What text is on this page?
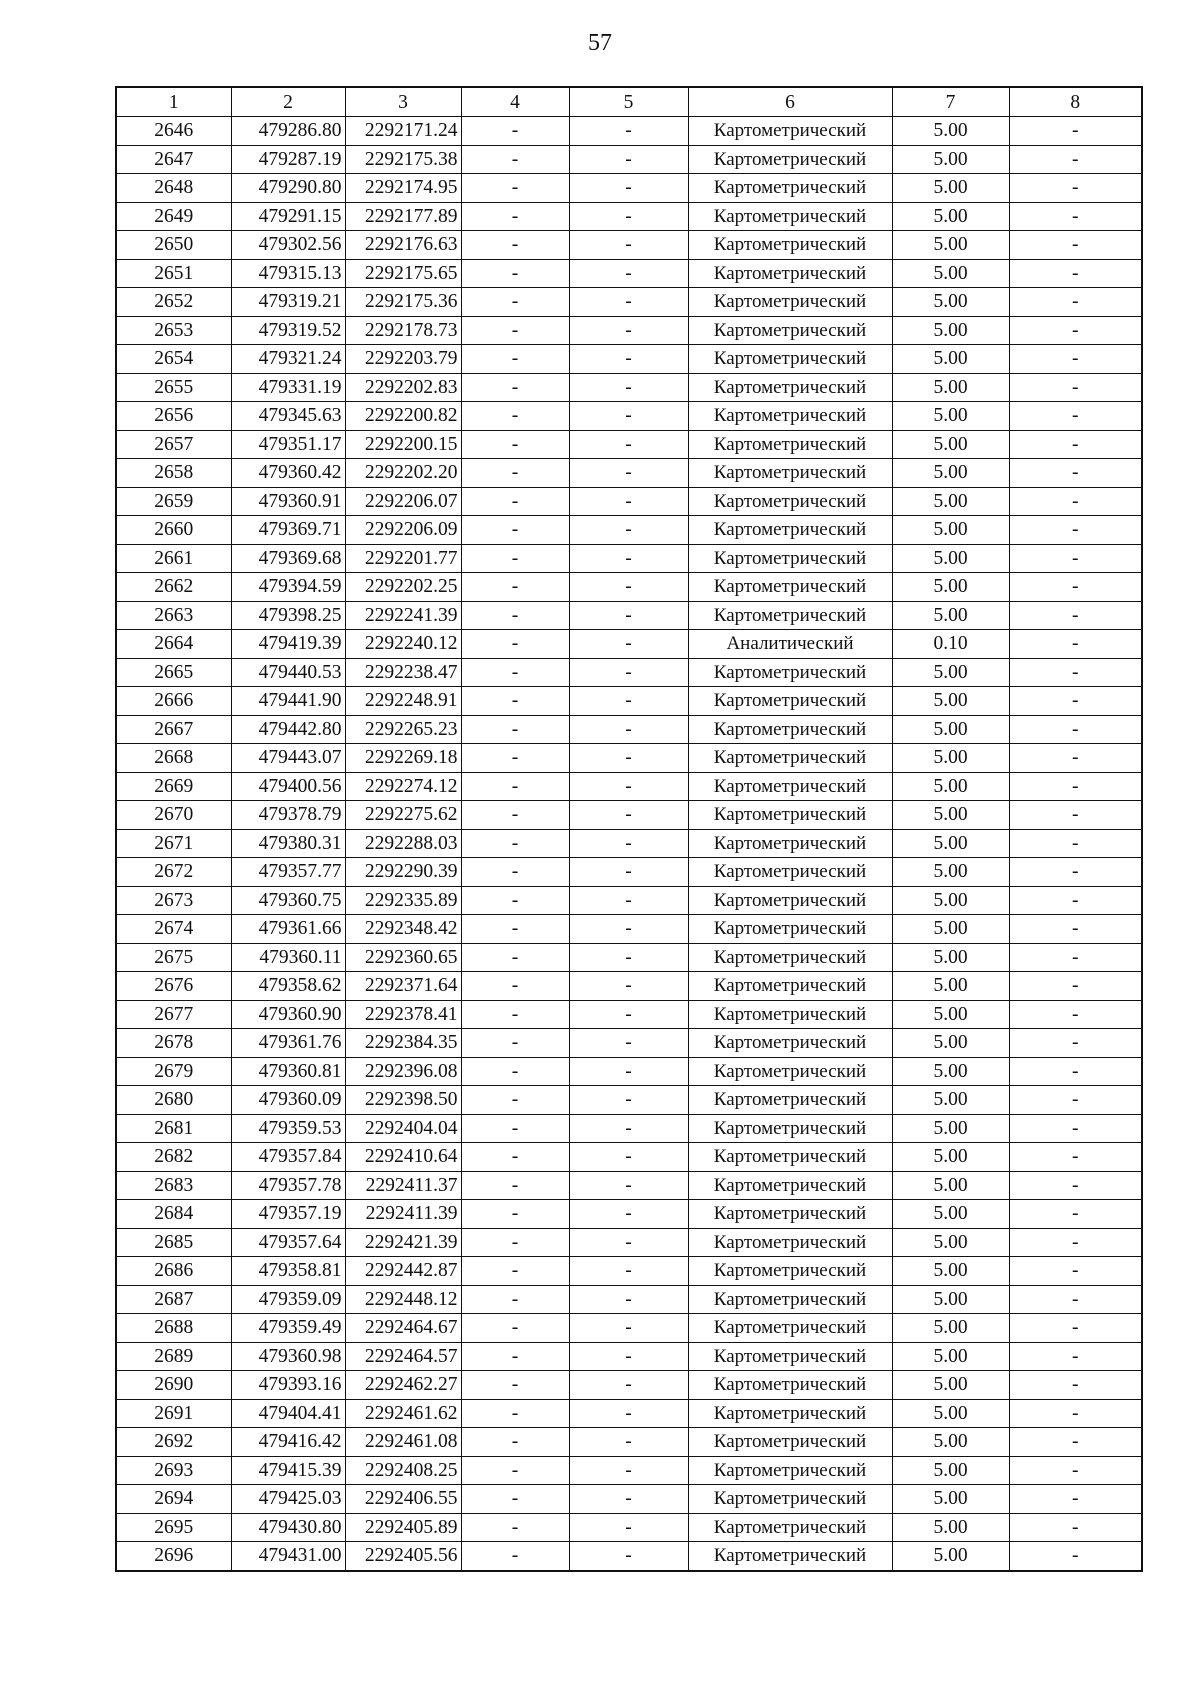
57
1	2	3	4	5	6	7	8
2646	479286.80	2292171.24	-	-	Картометрический	5.00	-
2647	479287.19	2292175.38	-	-	Картометрический	5.00	-
2648	479290.80	2292174.95	-	-	Картометрический	5.00	-
2649	479291.15	2292177.89	-	-	Картометрический	5.00	-
2650	479302.56	2292176.63	-	-	Картометрический	5.00	-
2651	479315.13	2292175.65	-	-	Картометрический	5.00	-
2652	479319.21	2292175.36	-	-	Картометрический	5.00	-
2653	479319.52	2292178.73	-	-	Картометрический	5.00	-
2654	479321.24	2292203.79	-	-	Картометрический	5.00	-
2655	479331.19	2292202.83	-	-	Картометрический	5.00	-
2656	479345.63	2292200.82	-	-	Картометрический	5.00	-
2657	479351.17	2292200.15	-	-	Картометрический	5.00	-
2658	479360.42	2292202.20	-	-	Картометрический	5.00	-
2659	479360.91	2292206.07	-	-	Картометрический	5.00	-
2660	479369.71	2292206.09	-	-	Картометрический	5.00	-
2661	479369.68	2292201.77	-	-	Картометрический	5.00	-
2662	479394.59	2292202.25	-	-	Картометрический	5.00	-
2663	479398.25	2292241.39	-	-	Картометрический	5.00	-
2664	479419.39	2292240.12	-	-	Аналитический	0.10	-
2665	479440.53	2292238.47	-	-	Картометрический	5.00	-
2666	479441.90	2292248.91	-	-	Картометрический	5.00	-
2667	479442.80	2292265.23	-	-	Картометрический	5.00	-
2668	479443.07	2292269.18	-	-	Картометрический	5.00	-
2669	479400.56	2292274.12	-	-	Картометрический	5.00	-
2670	479378.79	2292275.62	-	-	Картометрический	5.00	-
2671	479380.31	2292288.03	-	-	Картометрический	5.00	-
2672	479357.77	2292290.39	-	-	Картометрический	5.00	-
2673	479360.75	2292335.89	-	-	Картометрический	5.00	-
2674	479361.66	2292348.42	-	-	Картометрический	5.00	-
2675	479360.11	2292360.65	-	-	Картометрический	5.00	-
2676	479358.62	2292371.64	-	-	Картометрический	5.00	-
2677	479360.90	2292378.41	-	-	Картометрический	5.00	-
2678	479361.76	2292384.35	-	-	Картометрический	5.00	-
2679	479360.81	2292396.08	-	-	Картометрический	5.00	-
2680	479360.09	2292398.50	-	-	Картометрический	5.00	-
2681	479359.53	2292404.04	-	-	Картометрический	5.00	-
2682	479357.84	2292410.64	-	-	Картометрический	5.00	-
2683	479357.78	2292411.37	-	-	Картометрический	5.00	-
2684	479357.19	2292411.39	-	-	Картометрический	5.00	-
2685	479357.64	2292421.39	-	-	Картометрический	5.00	-
2686	479358.81	2292442.87	-	-	Картометрический	5.00	-
2687	479359.09	2292448.12	-	-	Картометрический	5.00	-
2688	479359.49	2292464.67	-	-	Картометрический	5.00	-
2689	479360.98	2292464.57	-	-	Картометрический	5.00	-
2690	479393.16	2292462.27	-	-	Картометрический	5.00	-
2691	479404.41	2292461.62	-	-	Картометрический	5.00	-
2692	479416.42	2292461.08	-	-	Картометрический	5.00	-
2693	479415.39	2292408.25	-	-	Картометрический	5.00	-
2694	479425.03	2292406.55	-	-	Картометрический	5.00	-
2695	479430.80	2292405.89	-	-	Картометрический	5.00	-
2696	479431.00	2292405.56	-	-	Картометрический	5.00	-
